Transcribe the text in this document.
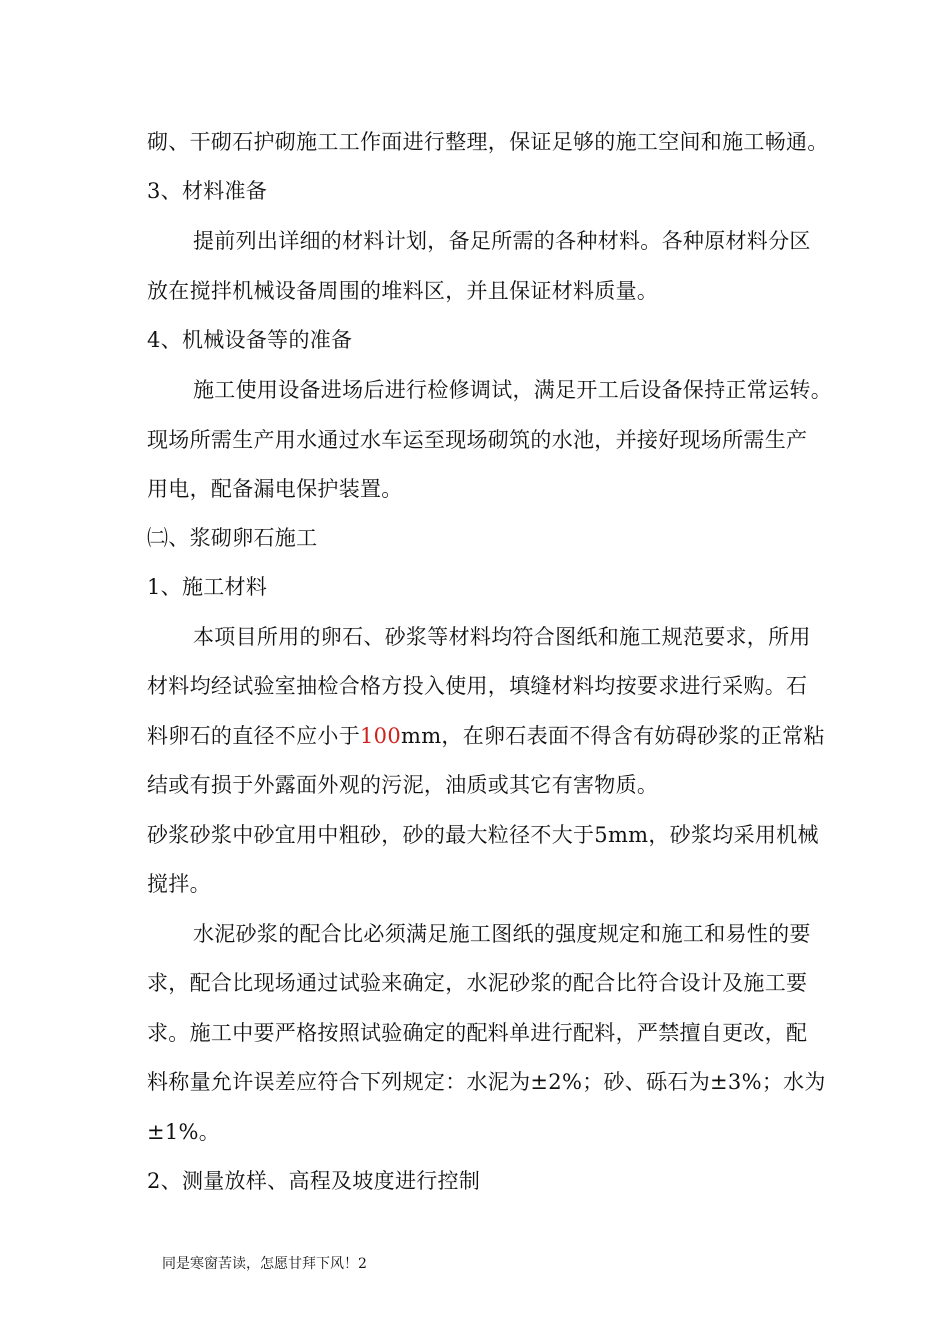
砌、干砌石护砌施工工作面进行整理，保证足够的施工空间和施工畅通。
3、材料准备
提前列出详细的材料计划，备足所需的各种材料。各种原材料分区
放在搅拌机械设备周围的堆料区，并且保证材料质量。
4、机械设备等的准备
施工使用设备进场后进行检修调试，满足开工后设备保持正常运转。
现场所需生产用水通过水车运至现场砌筑的水池，并接好现场所需生产
用电，配备漏电保护装置。
㈡、浆砌卵石施工
1、施工材料
本项目所用的卵石、砂浆等材料均符合图纸和施工规范要求，所用
材料均经试验室抽检合格方投入使用，填缝材料均按要求进行采购。石
料卵石的直径不应小于100mm，在卵石表面不得含有妨碍砂浆的正常粘
结或有损于外露面外观的污泥，油质或其它有害物质。
砂浆砂浆中砂宜用中粗砂，砂的最大粒径不大于5mm，砂浆均采用机械
搅拌。
水泥砂浆的配合比必须满足施工图纸的强度规定和施工和易性的要
求，配合比现场通过试验来确定，水泥砂浆的配合比符合设计及施工要
求。施工中要严格按照试验确定的配料单进行配料，严禁擅自更改，配
料称量允许误差应符合下列规定：水泥为±2%；砂、砾石为±3%；水为
±1%。
2、测量放样、高程及坡度进行控制
同是寒窗苦读，怎愿甘拜下风！2
